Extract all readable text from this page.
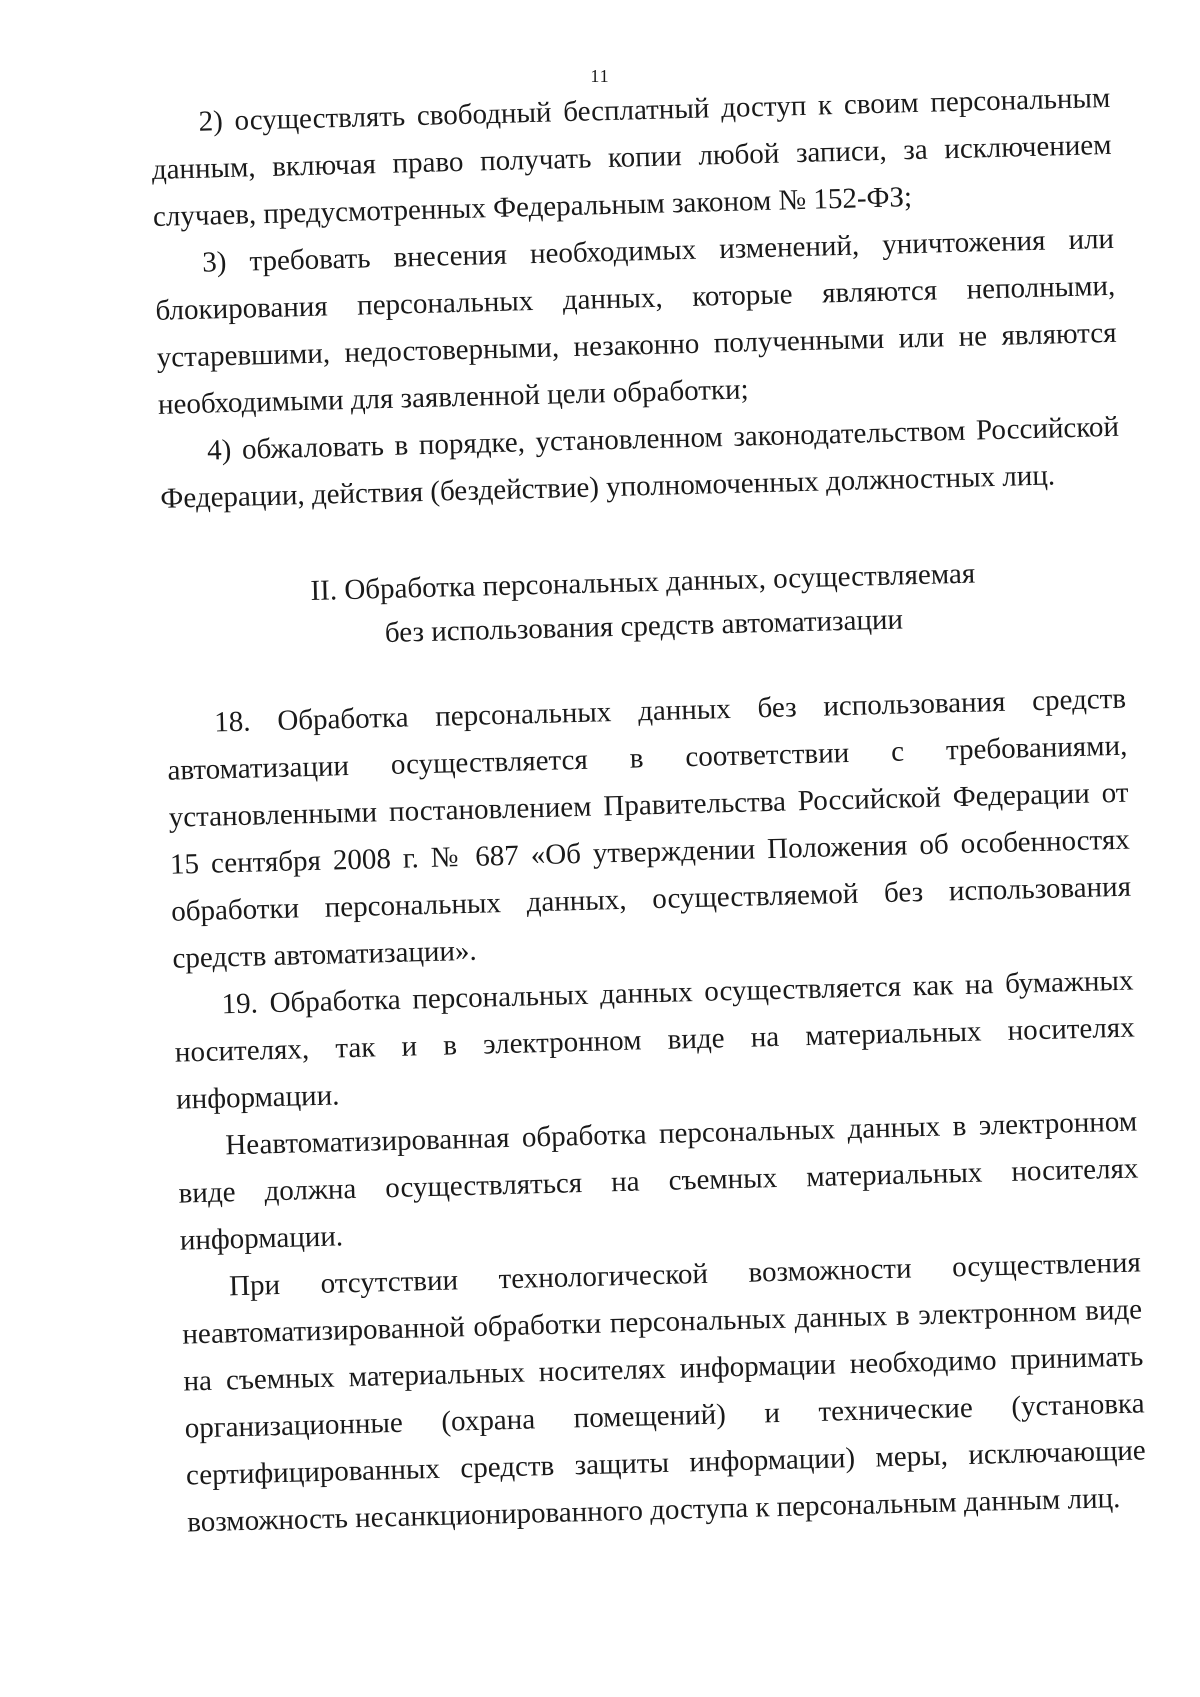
11

2) осуществлять свободный бесплатный доступ к своим персональным данным, включая право получать копии любой записи, за исключением случаев, предусмотренных Федеральным законом № 152-ФЗ;

3) требовать внесения необходимых изменений, уничтожения или блокирования персональных данных, которые являются неполными, устаревшими, недостоверными, незаконно полученными или не являются необходимыми для заявленной цели обработки;

4) обжаловать в порядке, установленном законодательством Российской Федерации, действия (бездействие) уполномоченных должностных лиц.

II. Обработка персональных данных, осуществляемая
без использования средств автоматизации

18. Обработка персональных данных без использования средств автоматизации осуществляется в соответствии с требованиями, установленными постановлением Правительства Российской Федерации от 15 сентября 2008 г. № 687 «Об утверждении Положения об особенностях обработки персональных данных, осуществляемой без использования средств автоматизации».

19. Обработка персональных данных осуществляется как на бумажных носителях, так и в электронном виде на материальных носителях информации.

Неавтоматизированная обработка персональных данных в электронном виде должна осуществляться на съемных материальных носителях информации.

При отсутствии технологической возможности осуществления неавтоматизированной обработки персональных данных в электронном виде на съемных материальных носителях информации необходимо принимать организационные (охрана помещений) и технические (установка сертифицированных средств защиты информации) меры, исключающие возможность несанкционированного доступа к персональным данным лиц.
